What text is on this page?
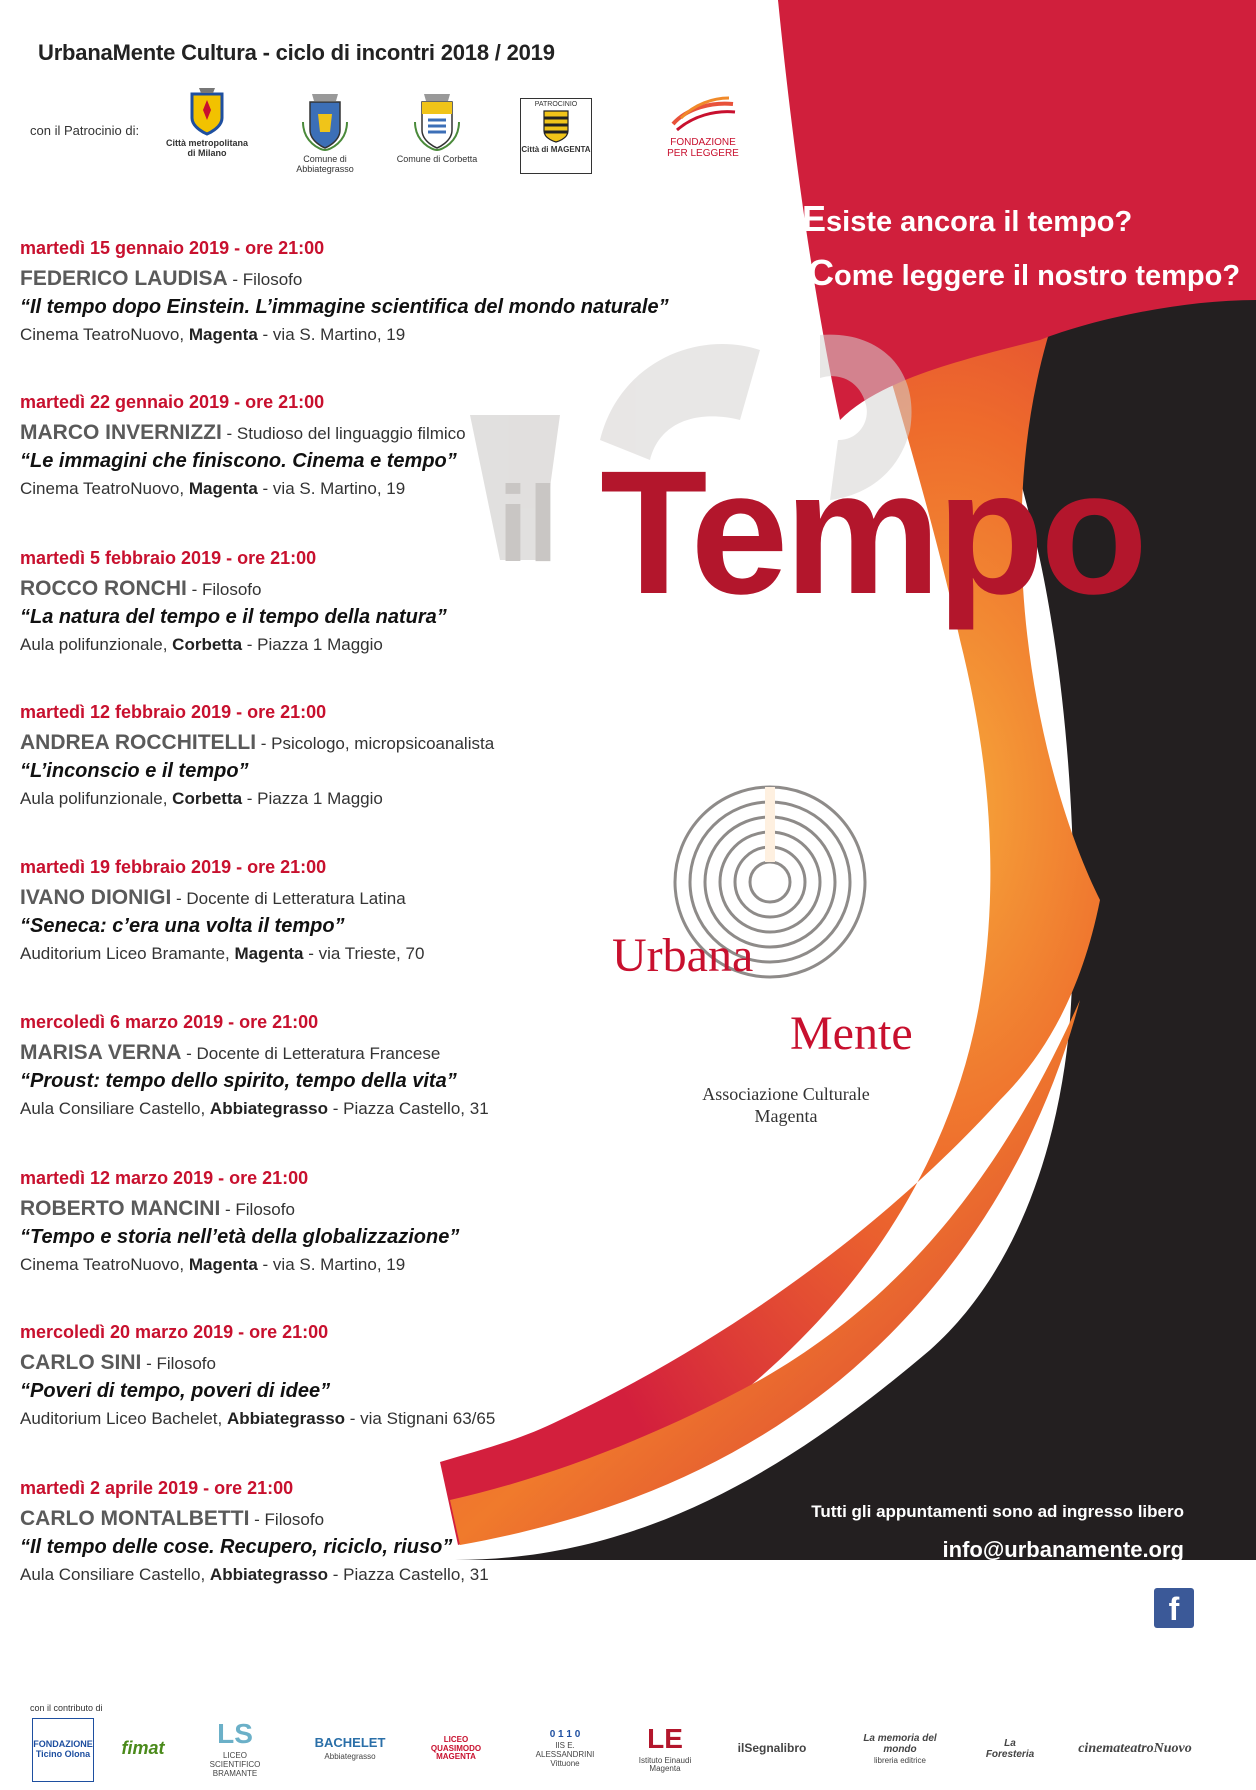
UrbanaMente Cultura - ciclo di incontri 2018 / 2019
con il Patrocinio di:
Città metropolitana di Milano
Comune di Abbiategrasso
Comune di Corbetta
PATROCINIO
Città di MAGENTA
FONDAZIONE PER LEGGERE
Esiste ancora il tempo?
Come leggere il nostro tempo?
il Tempo
Urbana
Mente
Associazione Culturale
Magenta
martedì 15 gennaio 2019 - ore 21:00
FEDERICO LAUDISA - Filosofo
“Il tempo dopo Einstein. L’immagine scientifica del mondo naturale”
Cinema TeatroNuovo, Magenta - via S. Martino, 19
martedì 22 gennaio 2019 - ore 21:00
MARCO INVERNIZZI - Studioso del linguaggio filmico
“Le immagini che finiscono. Cinema e tempo”
Cinema TeatroNuovo, Magenta - via S. Martino, 19
martedì 5 febbraio 2019 - ore 21:00
ROCCO RONCHI - Filosofo
“La natura del tempo e il tempo della natura”
Aula polifunzionale, Corbetta - Piazza 1 Maggio
martedì 12 febbraio 2019 - ore 21:00
ANDREA ROCCHITELLI - Psicologo, micropsicoanalista
“L’inconscio e il tempo”
Aula polifunzionale, Corbetta - Piazza 1 Maggio
martedì 19 febbraio 2019 - ore 21:00
IVANO DIONIGI - Docente di Letteratura Latina
“Seneca: c’era una volta il tempo”
Auditorium Liceo Bramante, Magenta - via Trieste, 70
mercoledì 6 marzo 2019 - ore 21:00
MARISA VERNA - Docente di Letteratura Francese
“Proust: tempo dello spirito, tempo della vita”
Aula Consiliare Castello, Abbiategrasso - Piazza Castello, 31
martedì 12 marzo 2019 - ore 21:00
ROBERTO MANCINI - Filosofo
“Tempo e storia nell’età della globalizzazione”
Cinema TeatroNuovo, Magenta - via S. Martino, 19
mercoledì 20 marzo 2019 - ore 21:00
CARLO SINI - Filosofo
“Poveri di tempo, poveri di idee”
Auditorium Liceo Bachelet, Abbiategrasso - via Stignani 63/65
martedì 2 aprile 2019 - ore 21:00
CARLO MONTALBETTI - Filosofo
“Il tempo delle cose. Recupero, riciclo, riuso”
Aula Consiliare Castello, Abbiategrasso - Piazza Castello, 31
Tutti gli appuntamenti sono ad ingresso libero
info@urbanamente.org
f
con il contributo di
FONDAZIONE Ticino Olona fimat LS
LICEO SCIENTIFICO BRAMANTE
BACHELET
Abbiategrasso
LICEO QUASIMODO MAGENTA
0 1 1 0
IIS E. ALESSANDRINI Vittuone
LE
Istituto Einaudi Magenta
ilSegnalibro
La memoria del mondo
libreria editrice
La Foresteria	cinemateatroNuovo
